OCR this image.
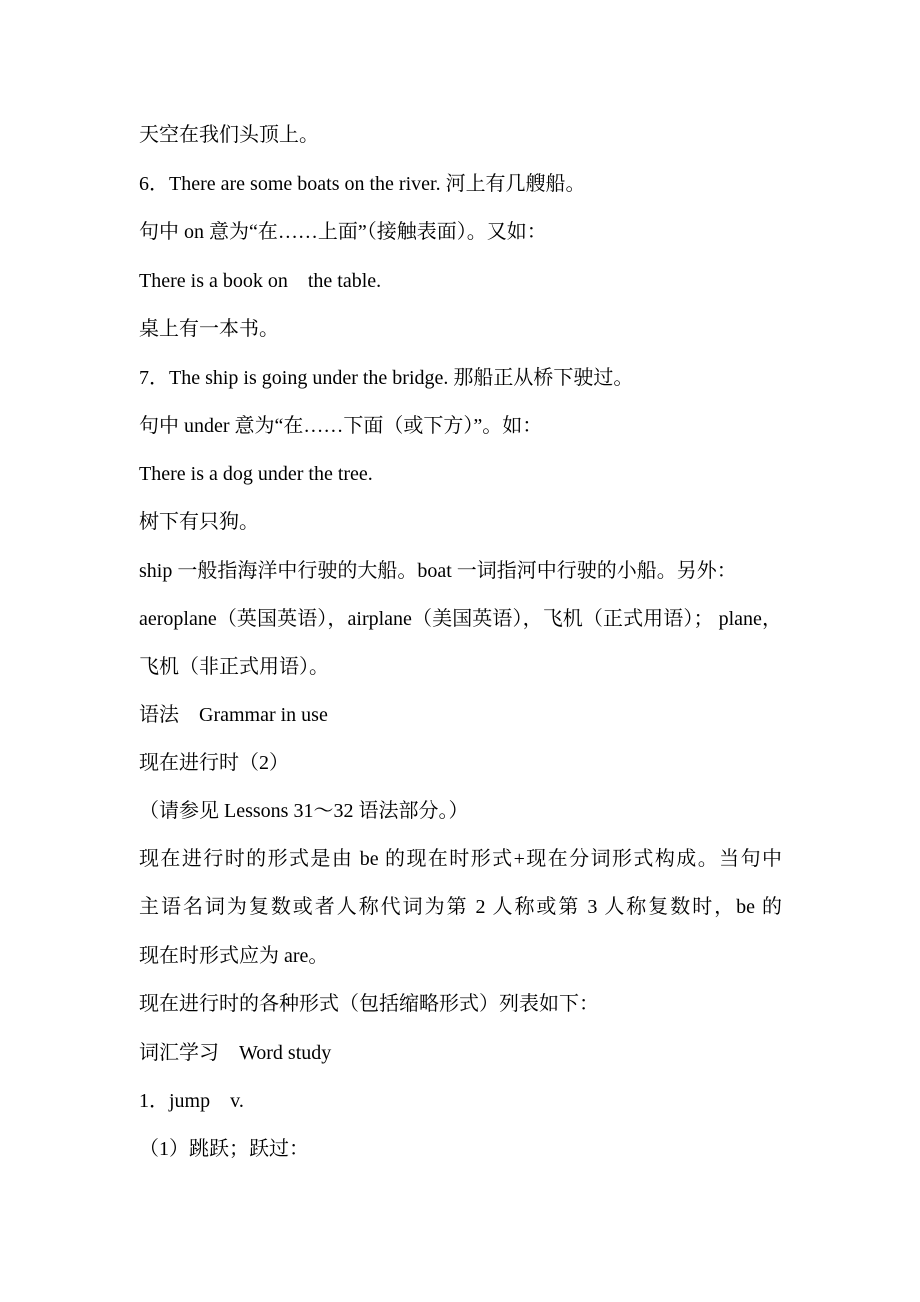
天空在我们头顶上。
6．There are some boats on the river. 河上有几艘船。
句中 on 意为“在……上面”（接触表面）。又如：
There is a book on　the table.
桌上有一本书。
7．The ship is going under the bridge. 那船正从桥下驶过。
句中 under 意为“在……下面（或下方）”。如：
There is a dog under the tree.
树下有只狗。
ship 一般指海洋中行驶的大船。boat 一词指河中行驶的小船。另外：
aeroplane（英国英语），airplane（美国英语），飞机（正式用语）； plane，
飞机（非正式用语）。
语法　Grammar in use
现在进行时（2）
（请参见 Lessons 31～32 语法部分。）
现在进行时的形式是由 be 的现在时形式+现在分词形式构成。当句中
主语名词为复数或者人称代词为第 2 人称或第 3 人称复数时，be 的
现在时形式应为 are。
现在进行时的各种形式（包括缩略形式）列表如下：
词汇学习　Word study
1．jump　v.
（1）跳跃；跃过：
